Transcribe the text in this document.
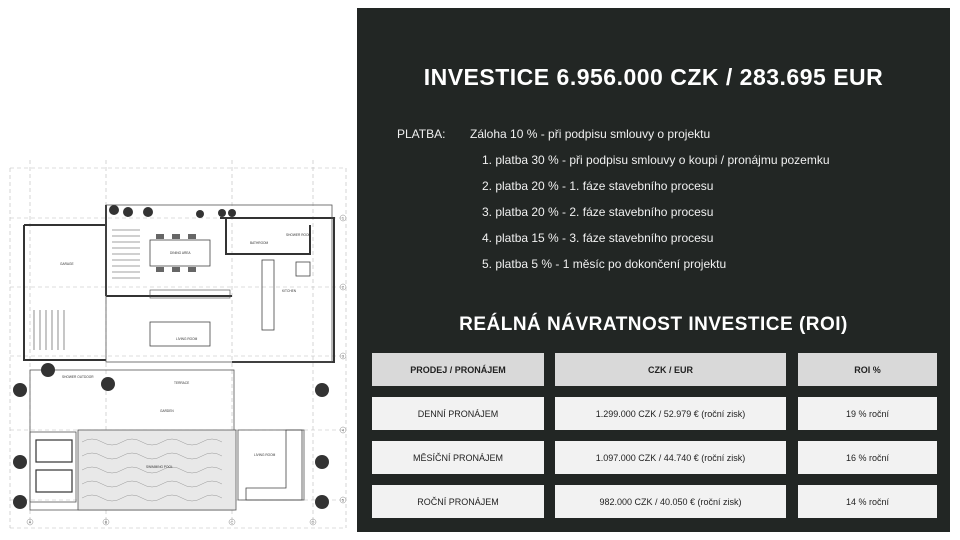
DINING AREA
BATHROOM
SHOWER ROOM
KITCHEN
LIVING ROOM
TERRACE
GARDEN
SWIMMING POOL
LIVING ROOM
SHOWER OUTDOOR
GARAGE
A	B	C	D
1
2
3
4
5
INVESTICE 6.956.000 CZK / 283.695 EUR
PLATBA: Záloha 10 % - při podpisu smlouvy o projektu
1. platba 30 % - při podpisu smlouvy o koupi / pronájmu pozemku
2. platba 20 % - 1. fáze stavebního procesu
3. platba 20 % - 2. fáze stavebního procesu
4. platba 15 % - 3. fáze stavebního procesu
5. platba 5 % - 1 měsíc po dokončení projektu
REÁLNÁ NÁVRATNOST INVESTICE (ROI)
PRODEJ / PRONÁJEM	CZK / EUR	ROI %
DENNÍ PRONÁJEM	1.299.000 CZK / 52.979 € (roční zisk)	19 % roční
MĚSÍČNÍ PRONÁJEM	1.097.000 CZK / 44.740 € (roční zisk)	16 % roční
ROČNÍ PRONÁJEM	982.000 CZK / 40.050 € (roční zisk)	14 % roční
